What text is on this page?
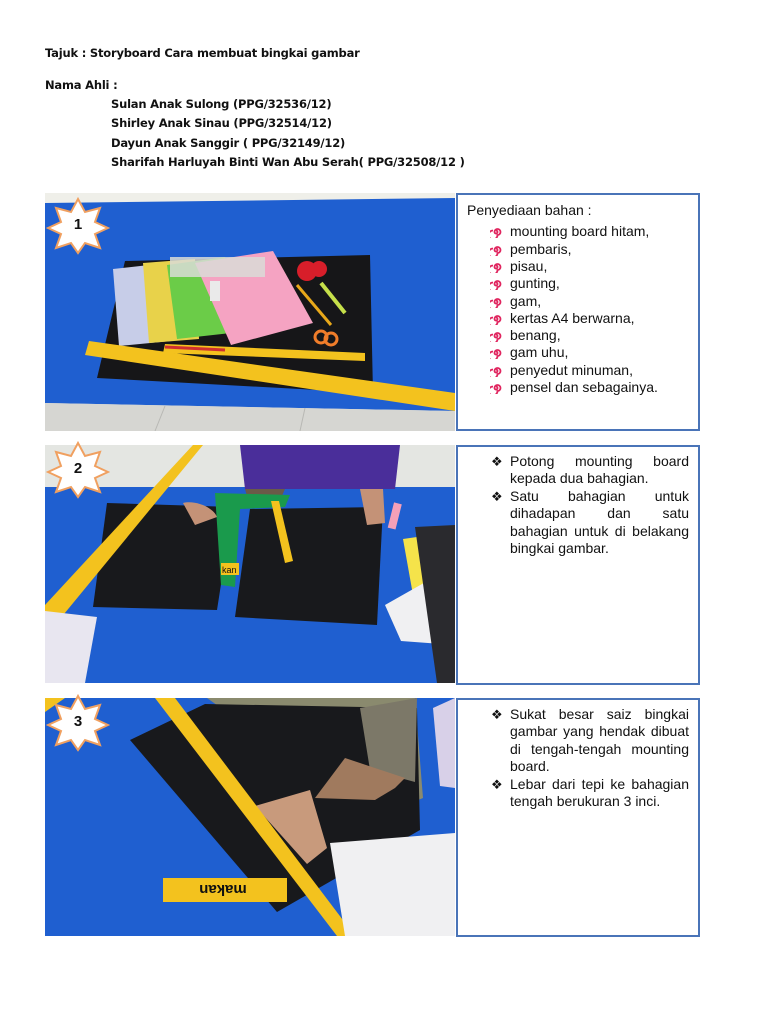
Tajuk : Storyboard Cara membuat bingkai gambar
Nama Ahli :
Sulan Anak Sulong (PPG/32536/12)
Shirley Anak Sinau (PPG/32514/12)
Dayun Anak Sanggir ( PPG/32149/12)
Sharifah Harluyah Binti Wan Abu Serah( PPG/32508/12 )
1
Penyediaan bahan :
mounting board hitam,
pembaris,
pisau,
gunting,
gam,
kertas A4 berwarna,
benang,
gam uhu,
penyedut minuman,
pensel dan sebagainya.
kan
2	❖ Potong mounting board kepada dua bahagian.
❖ Satu bahagian untuk dihadapan dan satu bahagian untuk di belakang bingkai gambar.
makan
3	❖ Sukat besar saiz bingkai gambar yang hendak dibuat di tengah-tengah mounting board.
❖ Lebar dari tepi ke bahagian tengah berukuran 3 inci.
